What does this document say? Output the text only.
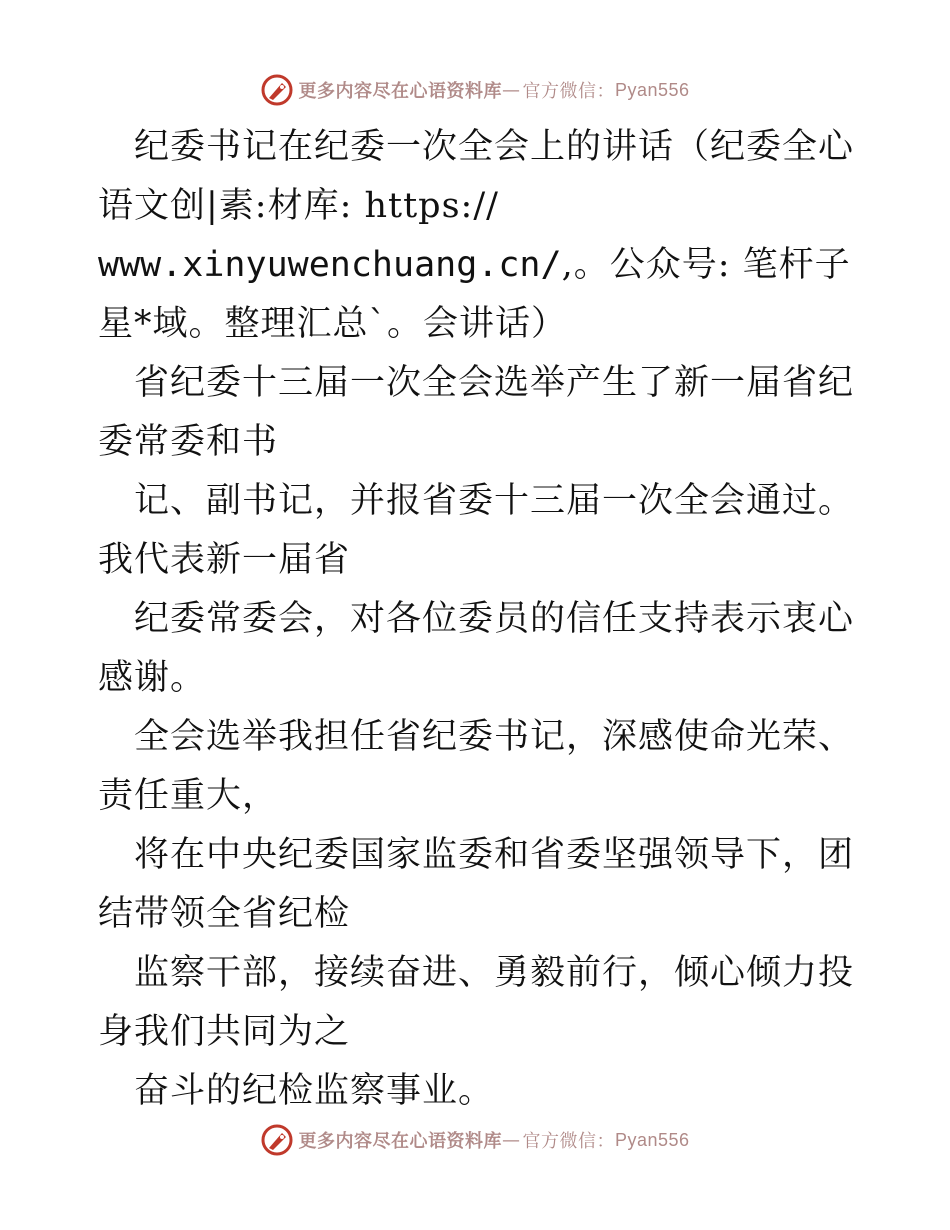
更多内容尽在心语资料库 — 官方微信： Pyan556

纪委书记在纪委一次全会上的讲话（纪委全心语文创|素:材库: https://
www.xinyuwenchuang.cn/,。公众号: 笔杆子星*域。整理汇总`。会讲话）

省纪委十三届一次全会选举产生了新一届省纪委常委和书

记、副书记，并报省委十三届一次全会通过。我代表新一届省

纪委常委会，对各位委员的信任支持表示衷心感谢。

全会选举我担任省纪委书记，深感使命光荣、责任重大，

将在中央纪委国家监委和省委坚强领导下，团结带领全省纪检

监察干部，接续奋进、勇毅前行，倾心倾力投身我们共同为之

奋斗的纪检监察事业。

更多内容尽在心语资料库 — 官方微信： Pyan556
